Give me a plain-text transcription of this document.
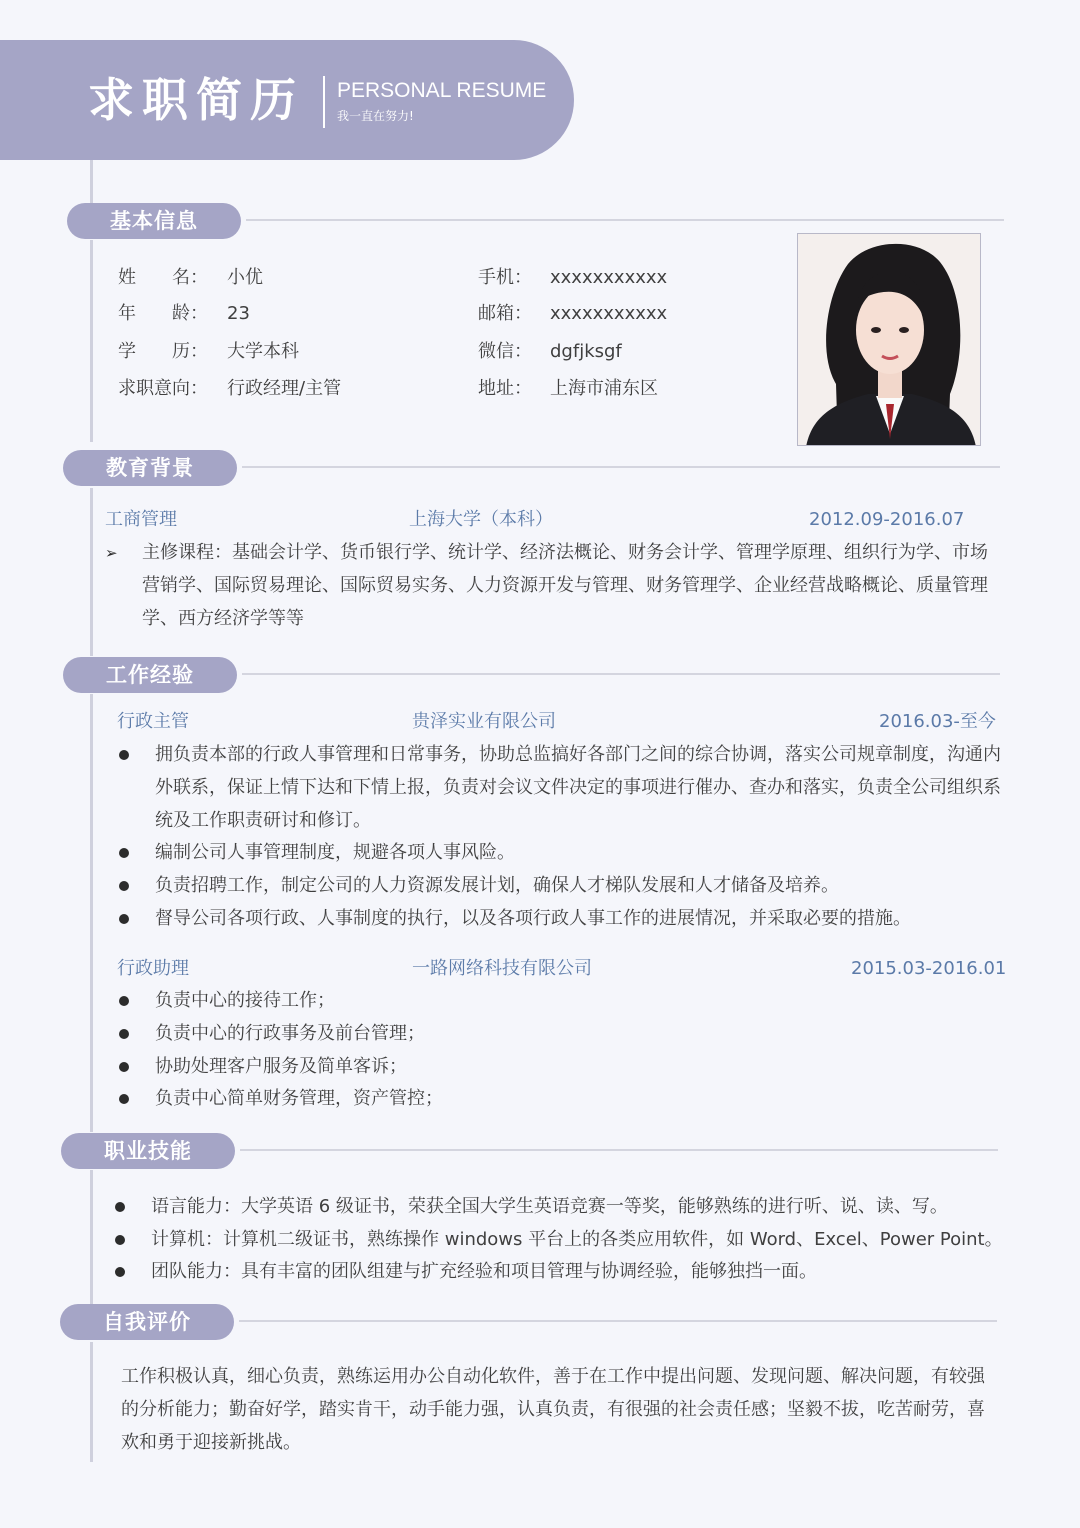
求职简历 PERSONAL RESUME
我一直在努力!
基本信息
姓　　名： 小优
年　　龄： 23
学　　历： 大学本科
求职意向： 行政经理/主管
手机： xxxxxxxxxxx
邮箱： xxxxxxxxxxx
微信： dgfjksgf
地址： 上海市浦东区
教育背景
工商管理	上海大学（本科）	2012.09-2016.07
➢ 主修课程：基础会计学、货币银行学、统计学、经济法概论、财务会计学、管理学原理、组织行为学、市场
营销学、国际贸易理论、国际贸易实务、人力资源开发与管理、财务管理学、企业经营战略概论、质量管理
学、西方经济学等等
工作经验
行政主管	贵泽实业有限公司	2016.03-至今
拥负责本部的行政人事管理和日常事务，协助总监搞好各部门之间的综合协调，落实公司规章制度，沟通内
外联系，保证上情下达和下情上报，负责对会议文件决定的事项进行催办、查办和落实，负责全公司组织系
统及工作职责研讨和修订。
编制公司人事管理制度，规避各项人事风险。
负责招聘工作，制定公司的人力资源发展计划，确保人才梯队发展和人才储备及培养。
督导公司各项行政、人事制度的执行，以及各项行政人事工作的进展情况，并采取必要的措施。
行政助理	一路网络科技有限公司	2015.03-2016.01
负责中心的接待工作；
负责中心的行政事务及前台管理；
协助处理客户服务及简单客诉；
负责中心简单财务管理，资产管控；
职业技能
语言能力：大学英语 6 级证书，荣获全国大学生英语竞赛一等奖，能够熟练的进行听、说、读、写。
计算机：计算机二级证书，熟练操作 windows 平台上的各类应用软件，如 Word、Excel、Power Point。
团队能力：具有丰富的团队组建与扩充经验和项目管理与协调经验，能够独挡一面。
自我评价
工作积极认真，细心负责，熟练运用办公自动化软件，善于在工作中提出问题、发现问题、解决问题，有较强
的分析能力；勤奋好学，踏实肯干，动手能力强，认真负责，有很强的社会责任感；坚毅不拔，吃苦耐劳，喜
欢和勇于迎接新挑战。
